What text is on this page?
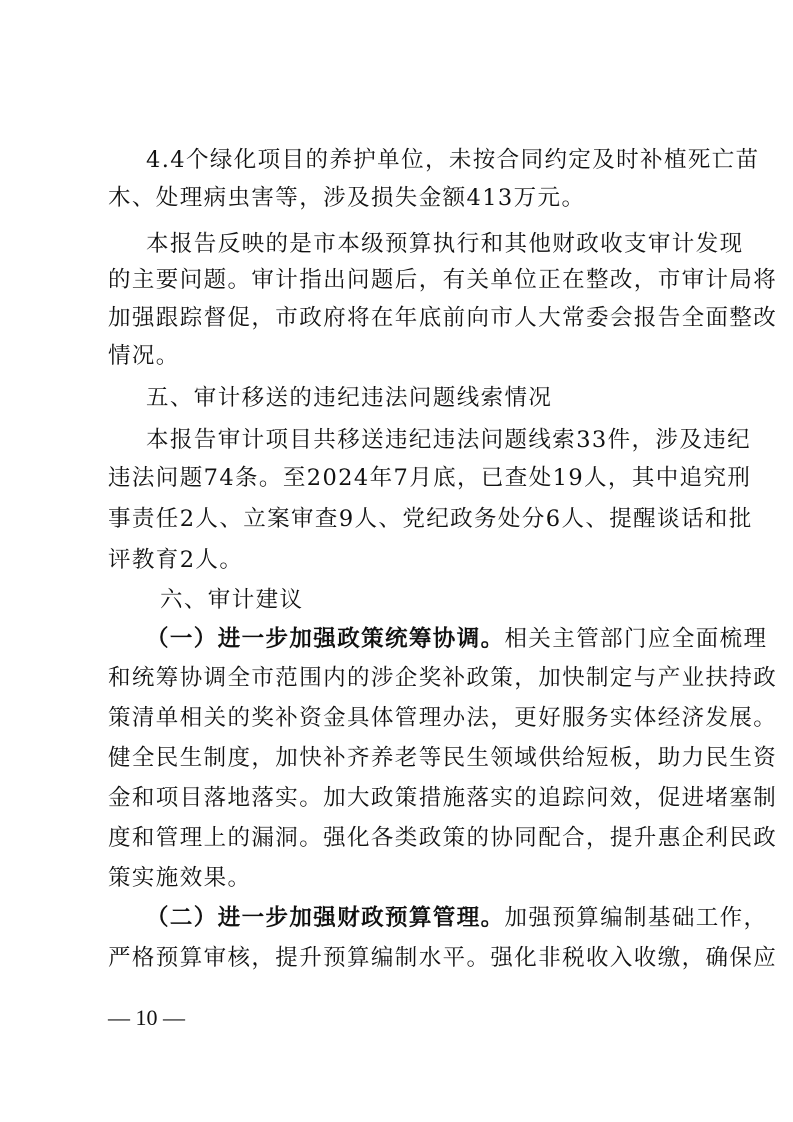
4.4个绿化项目的养护单位，未按合同约定及时补植死亡苗
木、处理病虫害等，涉及损失金额413万元。
本报告反映的是市本级预算执行和其他财政收支审计发现
的主要问题。审计指出问题后，有关单位正在整改，市审计局将
加强跟踪督促，市政府将在年底前向市人大常委会报告全面整改
情况。
五、审计移送的违纪违法问题线索情况
本报告审计项目共移送违纪违法问题线索33件，涉及违纪
违法问题74条。至2024年7月底，已查处19人，其中追究刑
事责任2人、立案审查9人、党纪政务处分6人、提醒谈话和批
评教育2人。
六、审计建议
（一）进一步加强政策统筹协调。相关主管部门应全面梳理
和统筹协调全市范围内的涉企奖补政策，加快制定与产业扶持政
策清单相关的奖补资金具体管理办法，更好服务实体经济发展。
健全民生制度，加快补齐养老等民生领域供给短板，助力民生资
金和项目落地落实。加大政策措施落实的追踪问效，促进堵塞制
度和管理上的漏洞。强化各类政策的协同配合，提升惠企利民政
策实施效果。
（二）进一步加强财政预算管理。加强预算编制基础工作，
严格预算审核，提升预算编制水平。强化非税收入收缴，确保应
— 10 —
